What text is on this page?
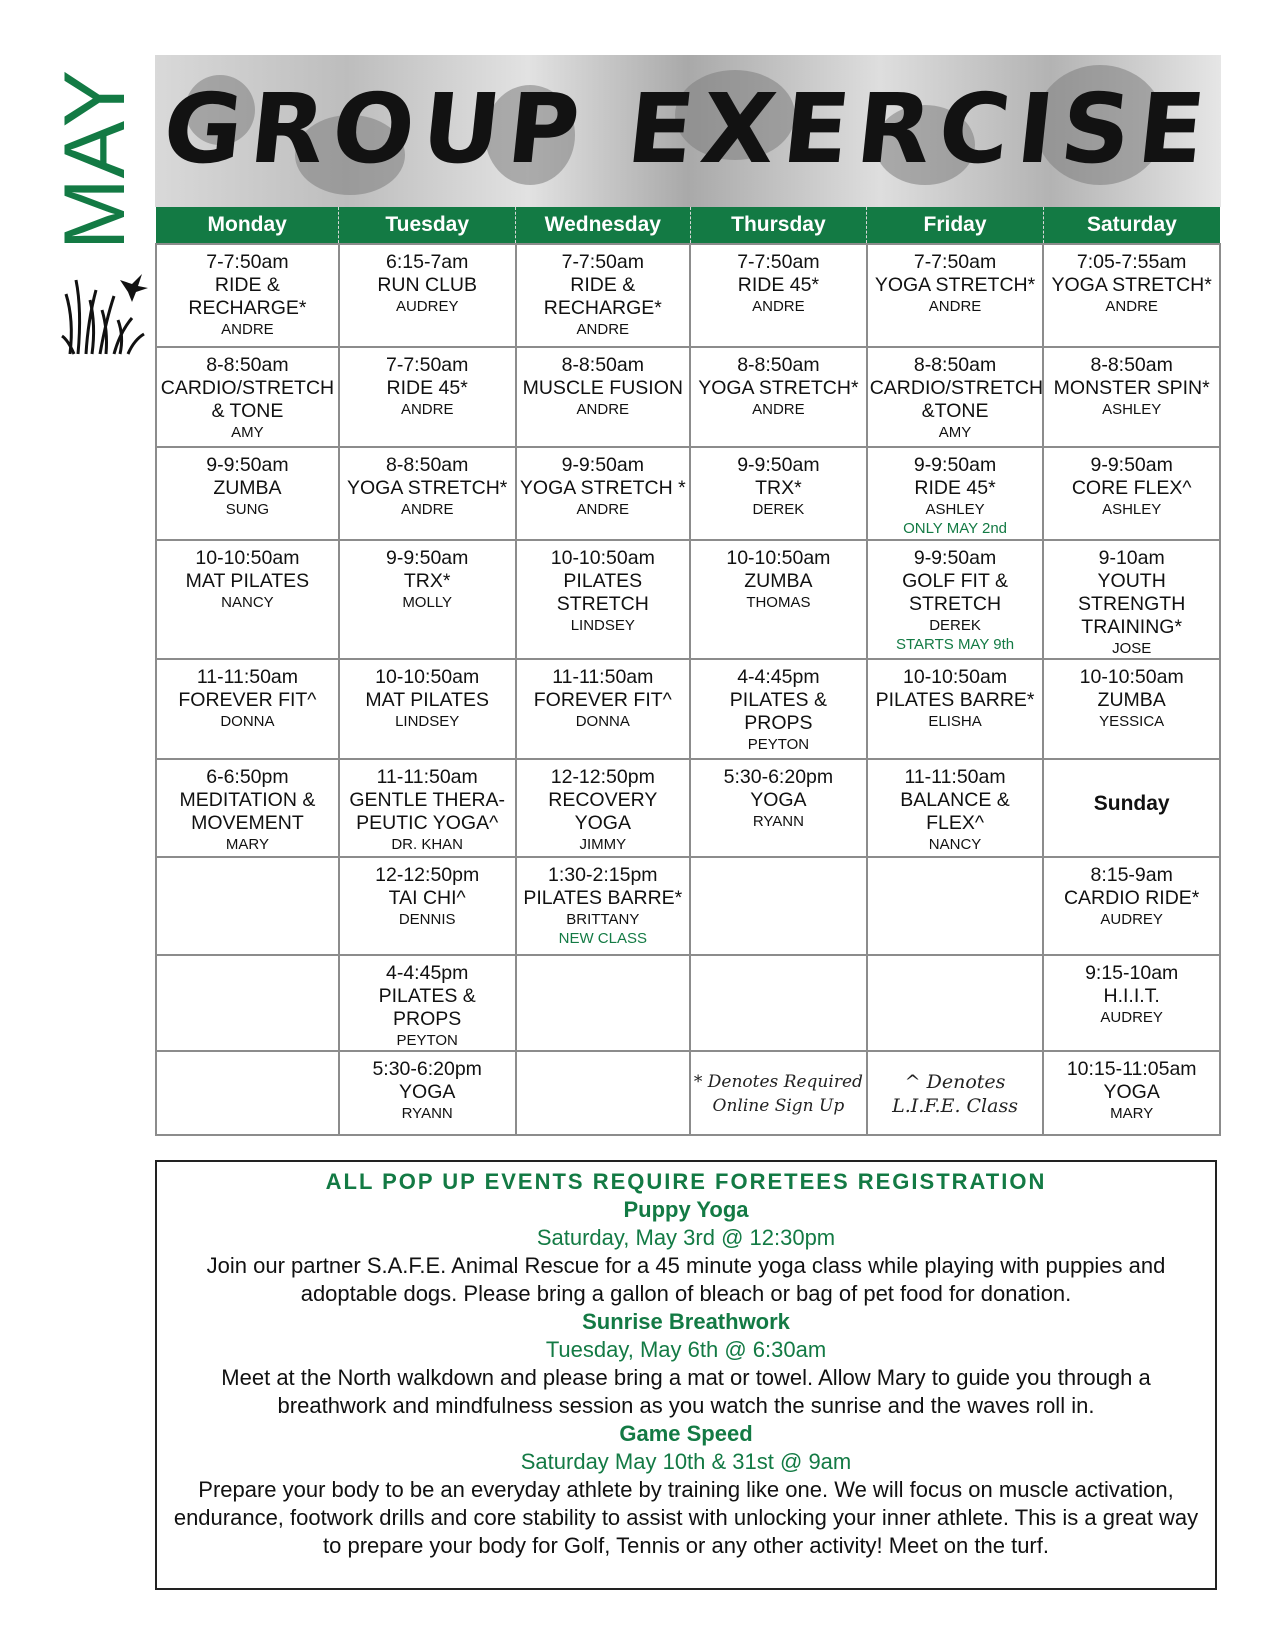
MAY GROUP EXERCISE
Monday	Tuesday	Wednesday	Thursday	Friday	Saturday

7-7:50am
RIDE & RECHARGE*
ANDRE	6:15-7am
RUN CLUB
AUDREY	7-7:50am
RIDE & RECHARGE*
ANDRE	7-7:50am
RIDE 45*
ANDRE	7-7:50am
YOGA STRETCH*
ANDRE	7:05-7:55am
YOGA STRETCH*
ANDRE

8-8:50am
CARDIO/STRETCH & TONE
AMY	7-7:50am
RIDE 45*
ANDRE	8-8:50am
MUSCLE FUSION
ANDRE	8-8:50am
YOGA STRETCH*
ANDRE	8-8:50am
CARDIO/STRETCH &TONE
AMY	8-8:50am
MONSTER SPIN*
ASHLEY

9-9:50am
ZUMBA
SUNG	8-8:50am
YOGA STRETCH*
ANDRE	9-9:50am
YOGA STRETCH *
ANDRE	9-9:50am
TRX*
DEREK	9-9:50am
RIDE 45*
ASHLEY
ONLY MAY 2nd	9-9:50am
CORE FLEX^
ASHLEY

10-10:50am
MAT PILATES
NANCY	9-9:50am
TRX*
MOLLY	10-10:50am
PILATES STRETCH
LINDSEY	10-10:50am
ZUMBA
THOMAS	9-9:50am
GOLF FIT & STRETCH
DEREK
STARTS MAY 9th	9-10am
YOUTH STRENGTH TRAINING*
JOSE

11-11:50am
FOREVER FIT^
DONNA	10-10:50am
MAT PILATES
LINDSEY	11-11:50am
FOREVER FIT^
DONNA	4-4:45pm
PILATES & PROPS
PEYTON	10-10:50am
PILATES BARRE*
ELISHA	10-10:50am
ZUMBA
YESSICA

6-6:50pm
MEDITATION & MOVEMENT
MARY	11-11:50am
GENTLE THERA- PEUTIC YOGA^
DR. KHAN	12-12:50pm
RECOVERY YOGA
JIMMY	5:30-6:20pm
YOGA
RYANN	11-11:50am
BALANCE & FLEX^
NANCY	Sunday

	12-12:50pm
TAI CHI^
DENNIS	1:30-2:15pm
PILATES BARRE*
BRITTANY
NEW CLASS			8:15-9am
CARDIO RIDE*
AUDREY

	4-4:45pm
PILATES & PROPS
PEYTON				9:15-10am
H.I.I.T.
AUDREY

	5:30-6:20pm
YOGA
RYANN		* Denotes Required Online Sign Up	^ Denotes L.I.F.E. Class	10:15-11:05am
YOGA
MARY
ALL POP UP EVENTS REQUIRE FORETEES REGISTRATION
Puppy Yoga
Saturday, May 3rd @ 12:30pm
Join our partner S.A.F.E. Animal Rescue for a 45 minute yoga class while playing with puppies and adoptable dogs. Please bring a gallon of bleach or bag of pet food for donation.
Sunrise Breathwork
Tuesday, May 6th @ 6:30am
Meet at the North walkdown and please bring a mat or towel. Allow Mary to guide you through a breathwork and mindfulness session as you watch the sunrise and the waves roll in.
Game Speed
Saturday May 10th & 31st @ 9am
Prepare your body to be an everyday athlete by training like one. We will focus on muscle activation, endurance, footwork drills and core stability to assist with unlocking your inner athlete. This is a great way to prepare your body for Golf, Tennis or any other activity! Meet on the turf.
